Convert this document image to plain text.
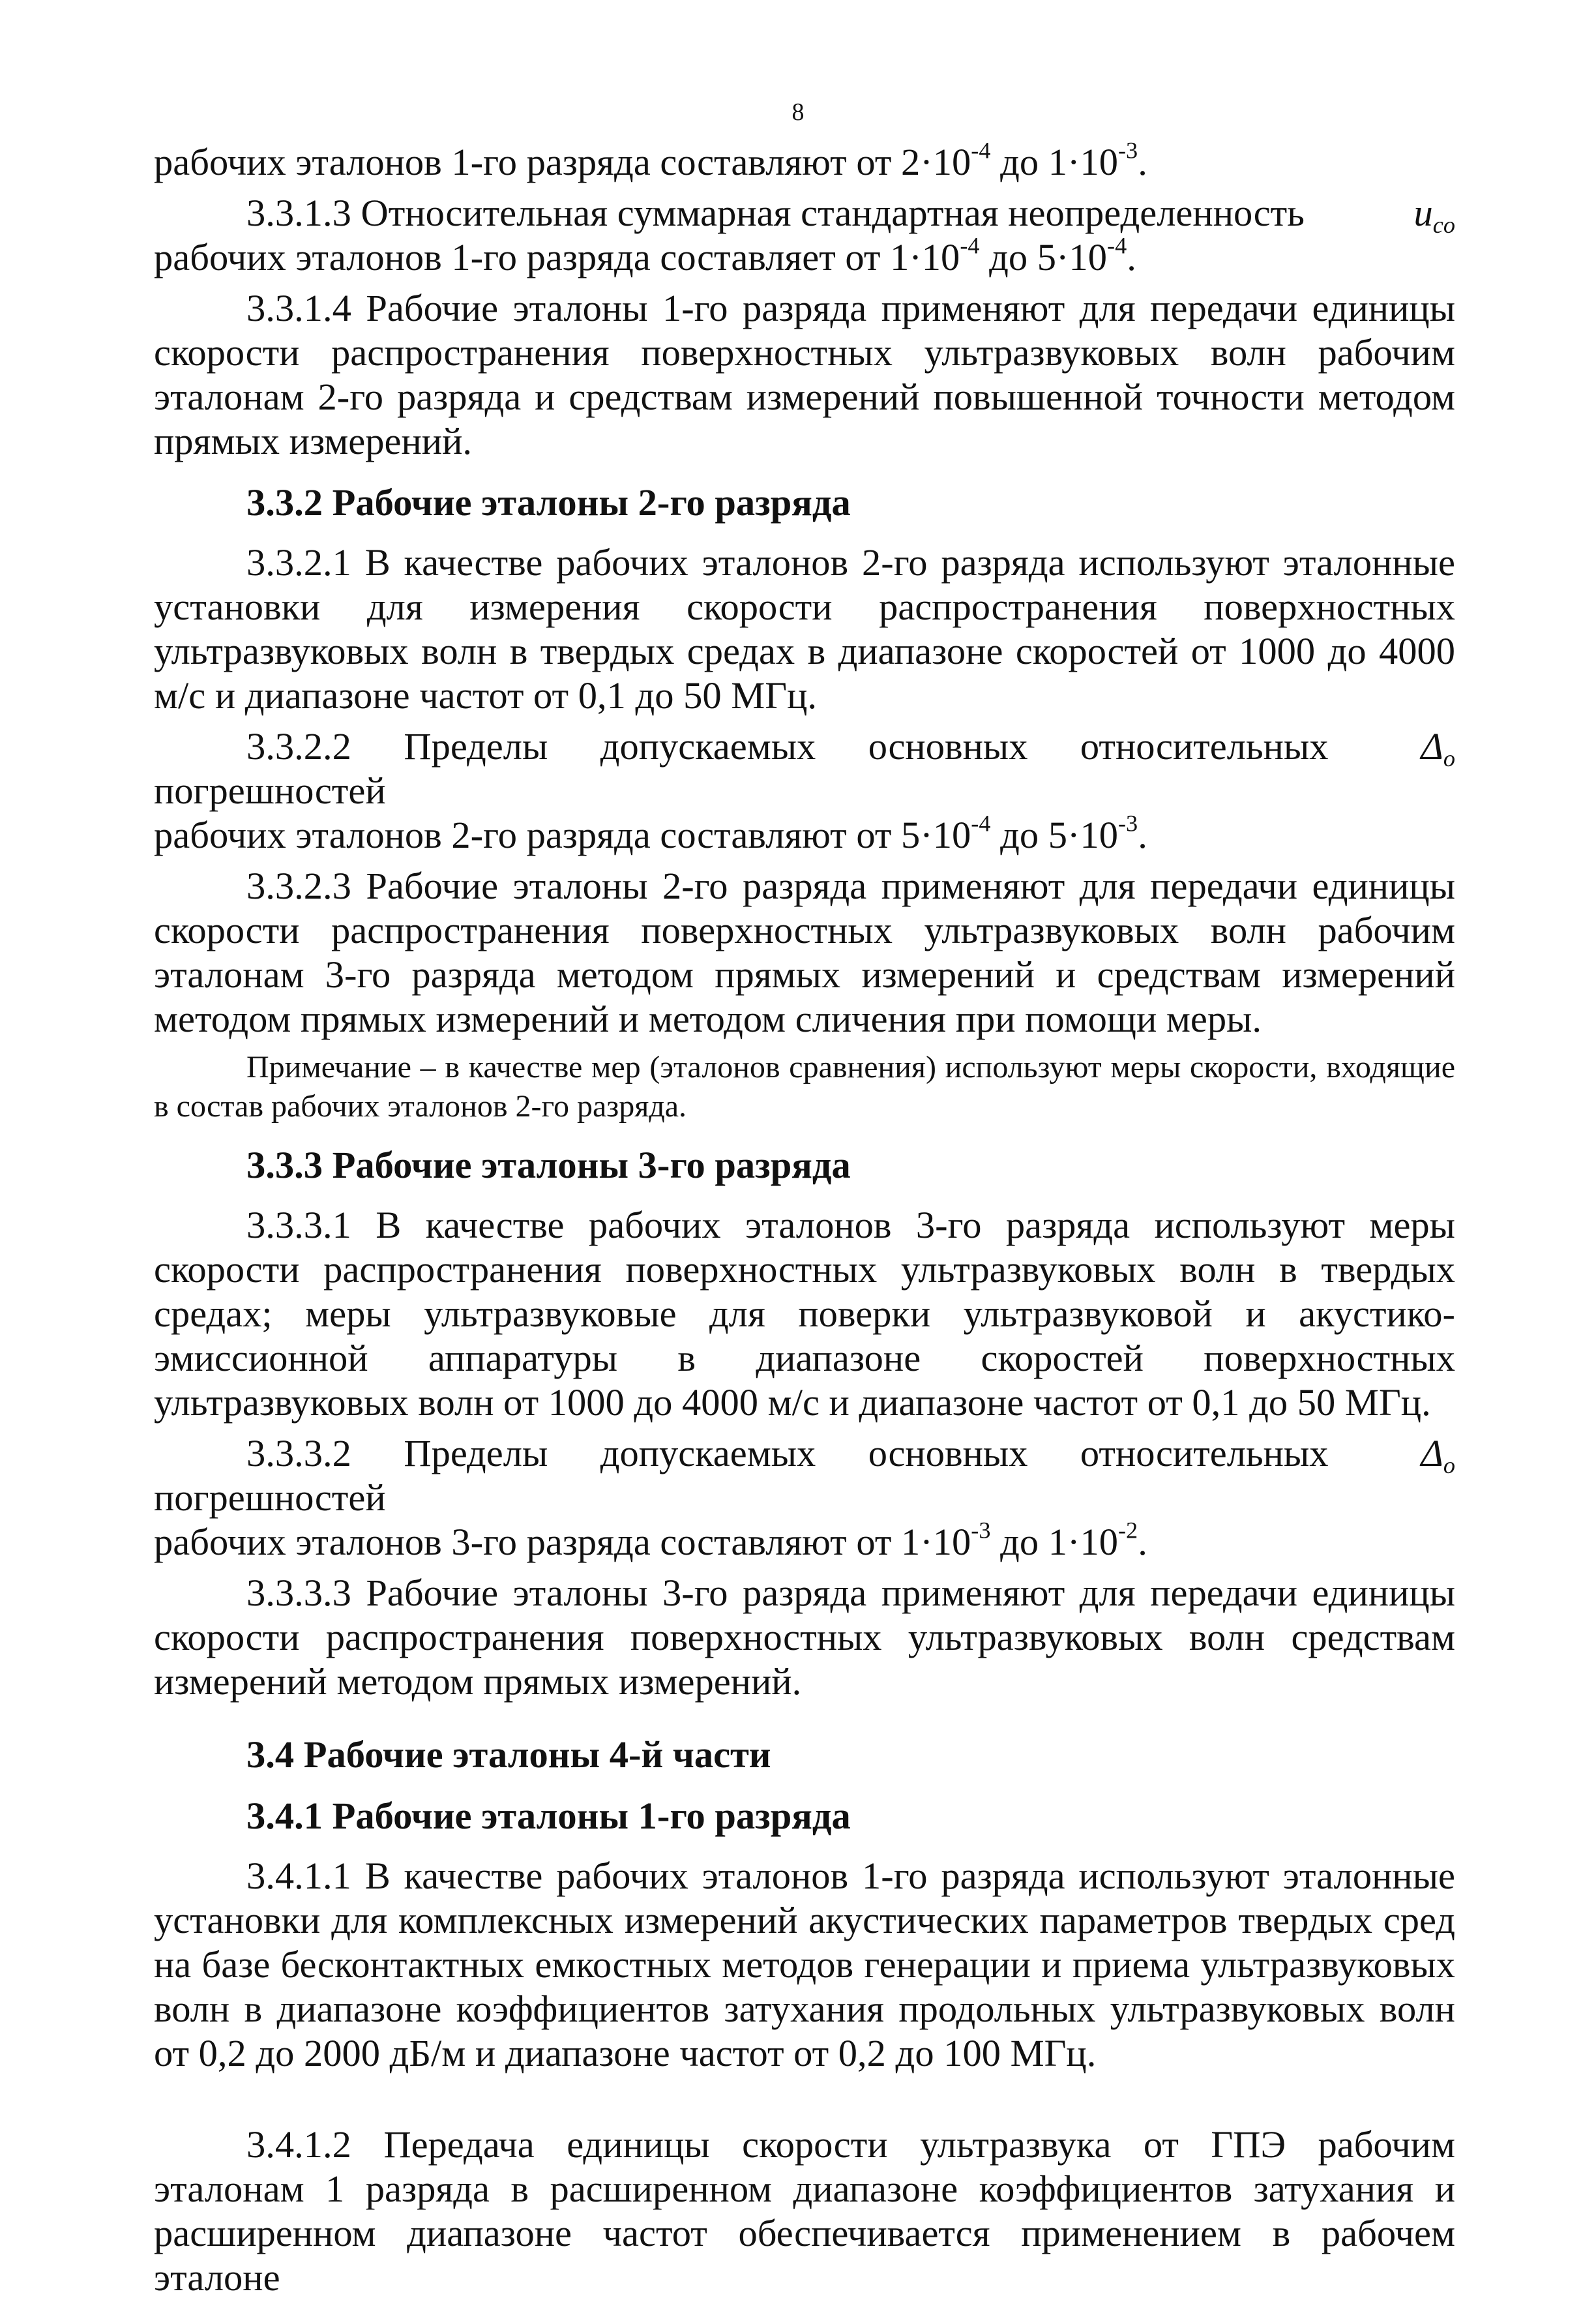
8

рабочих эталонов 1-го разряда составляют от $2\cdot 10^{-4}$ до $1\cdot 10^{-3}$.

$u_{co}$
3.3.1.3 Относительная суммарная стандартная неопределенность
рабочих эталонов 1-го разряда составляет от $1\cdot 10^{-4}$ до $5\cdot 10^{-4}$.

3.3.1.4 Рабочие эталоны 1-го разряда применяют для передачи единицы скорости распространения поверхностных ультразвуковых волн рабочим эталонам 2-го разряда и средствам измерений повышенной точности методом прямых измерений.

3.3.2 Рабочие эталоны 2-го разряда

3.3.2.1 В качестве рабочих эталонов 2-го разряда используют эталонные установки для измерения скорости распространения поверхностных ультразвуковых волн в твердых средах в диапазоне скоростей от 1000 до 4000 м/с и диапазоне частот от 0,1 до 50 МГц.

$\Delta_o$
3.3.2.2 Пределы допускаемых основных относительных погрешностей
рабочих эталонов 2-го разряда составляют от $5\cdot 10^{-4}$ до $5\cdot 10^{-3}$.

3.3.2.3 Рабочие эталоны 2-го разряда применяют для передачи единицы скорости распространения поверхностных ультразвуковых волн рабочим эталонам 3-го разряда методом прямых измерений и средствам измерений методом прямых измерений и методом сличения при помощи меры.

Примечание – в качестве мер (эталонов сравнения) используют меры скорости, входящие в состав рабочих эталонов 2-го разряда.

3.3.3 Рабочие эталоны 3-го разряда

3.3.3.1 В качестве рабочих эталонов 3-го разряда используют меры скорости распространения поверхностных ультразвуковых волн в твердых средах; меры ультразвуковые для поверки ультразвуковой и акустико-эмиссионной аппаратуры в диапазоне скоростей поверхностных ультразвуковых волн от 1000 до 4000 м/с и диапазоне частот от 0,1 до 50 МГц.

$\Delta_o$
3.3.3.2 Пределы допускаемых основных относительных погрешностей
рабочих эталонов 3-го разряда составляют от $1\cdot 10^{-3}$ до $1\cdot 10^{-2}$.

3.3.3.3 Рабочие эталоны 3-го разряда применяют для передачи единицы скорости распространения поверхностных ультразвуковых волн средствам измерений методом прямых измерений.

3.4 Рабочие эталоны 4-й части
3.4.1 Рабочие эталоны 1-го разряда

3.4.1.1 В качестве рабочих эталонов 1-го разряда используют эталонные установки для комплексных измерений акустических параметров твердых сред на базе бесконтактных емкостных методов генерации и приема ультразвуковых волн в диапазоне коэффициентов затухания продольных ультразвуковых волн от 0,2 до 2000 дБ/м и диапазоне частот от 0,2 до 100 МГц.

3.4.1.2 Передача единицы скорости ультразвука от ГПЭ рабочим эталонам 1 разряда в расширенном диапазоне коэффициентов затухания и расширенном диапазоне частот обеспечивается применением в рабочем эталоне
